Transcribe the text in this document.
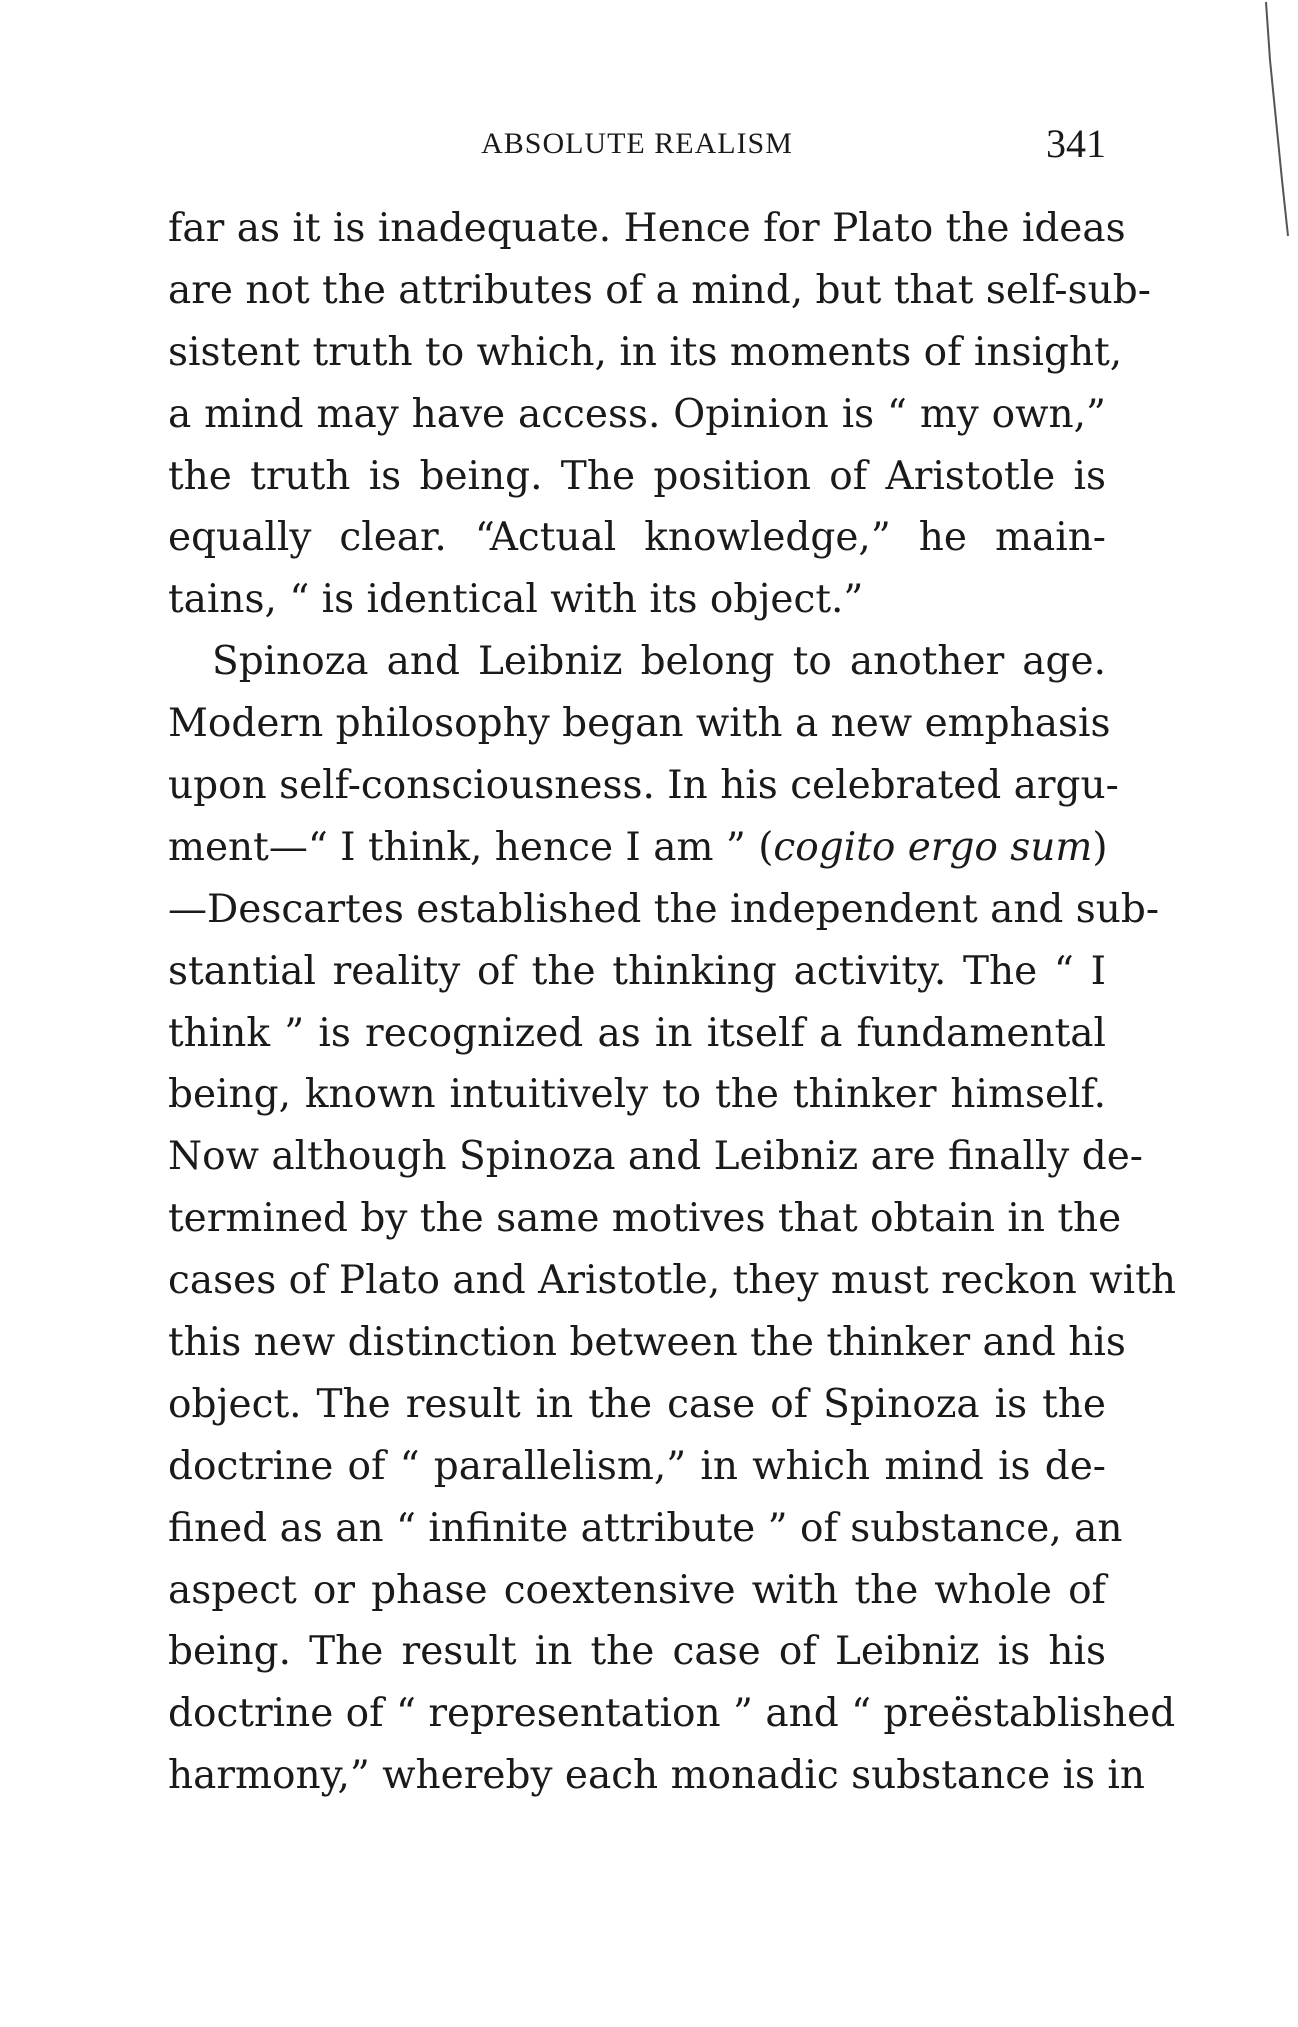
ABSOLUTE REALISM	341
far as it is inadequate. Hence for Plato the ideas
are not the attributes of a mind, but that self-sub-
sistent truth to which, in its moments of insight,
a mind may have access. Opinion is “ my own,”
the truth is being. The position of Aristotle is
equally clear. “Actual knowledge,” he main-
tains, “ is identical with its object.”
Spinoza and Leibniz belong to another age.
Modern philosophy began with a new emphasis
upon self-consciousness. In his celebrated argu-
ment—“ I think, hence I am ” (cogito ergo sum)
—Descartes established the independent and sub-
stantial reality of the thinking activity. The “ I
think ” is recognized as in itself a fundamental
being, known intuitively to the thinker himself.
Now although Spinoza and Leibniz are finally de-
termined by the same motives that obtain in the
cases of Plato and Aristotle, they must reckon with
this new distinction between the thinker and his
object. The result in the case of Spinoza is the
doctrine of “ parallelism,” in which mind is de-
fined as an “ infinite attribute ” of substance, an
aspect or phase coextensive with the whole of
being. The result in the case of Leibniz is his
doctrine of “ representation ” and “ preëstablished
harmony,” whereby each monadic substance is in
